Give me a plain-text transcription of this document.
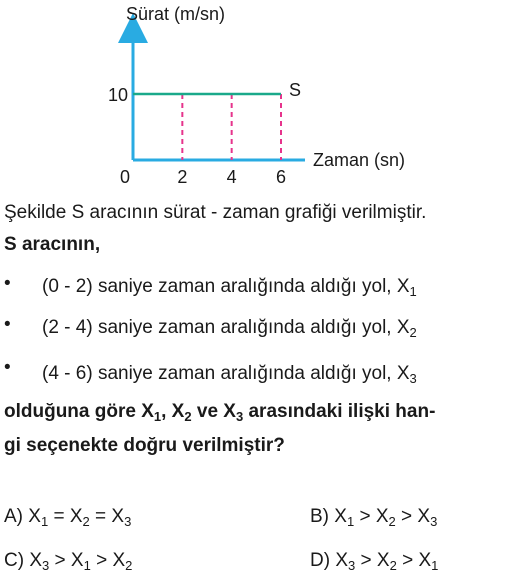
S
Sürat (m/sn)
Zaman (sn)
0	2 4 6
10
Şekilde S aracının sürat - zaman grafiği verilmiştir.
S aracının,
• (0 - 2) saniye zaman aralığında aldığı yol, $X_1$
• (2 - 4) saniye zaman aralığında aldığı yol, $X_2$
• (4 - 6) saniye zaman aralığında aldığı yol, $X_3$
olduğuna göre $X_1$, $X_2$ ve $X_3$ arasındaki ilişki han-
gi seçenekte doğru verilmiştir?
A) $X_1 = X_2 = X_3$	B) $X_1 > X_2 > X_3$
C) $X_3 > X_1 > X_2$	D) $X_3 > X_2 > X_1$
